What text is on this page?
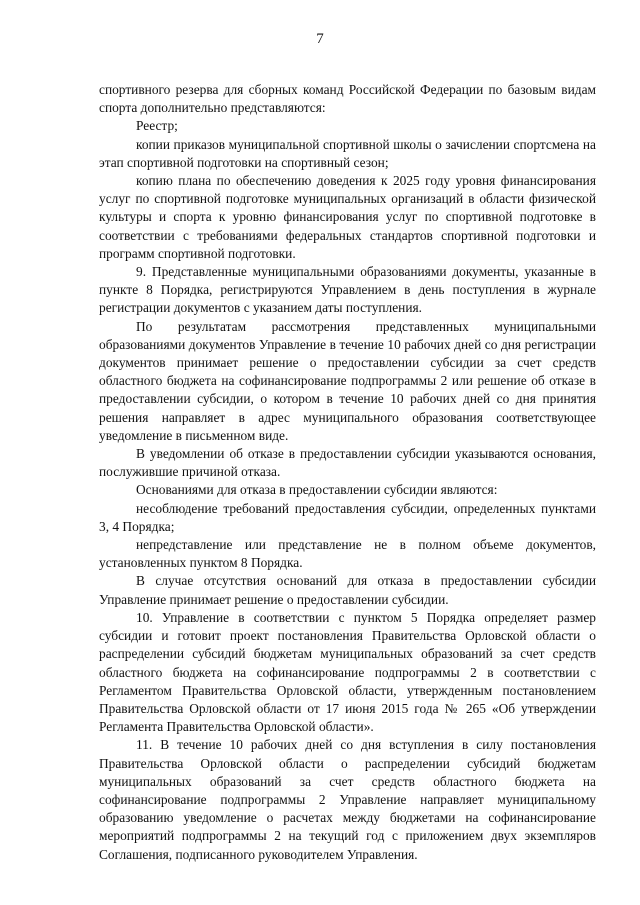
7

спортивного резерва для сборных команд Российской Федерации по базовым видам спорта дополнительно представляются:

Реестр;

копии приказов муниципальной спортивной школы о зачислении спортсмена на этап спортивной подготовки на спортивный сезон;

копию плана по обеспечению доведения к 2025 году уровня финансирования услуг по спортивной подготовке муниципальных организаций в области физической культуры и спорта к уровню финансирования услуг по спортивной подготовке в соответствии с требованиями федеральных стандартов спортивной подготовки и программ спортивной подготовки.

9. Представленные муниципальными образованиями документы, указанные в пункте 8 Порядка, регистрируются Управлением в день поступления в журнале регистрации документов с указанием даты поступления.

По результатам рассмотрения представленных муниципальными образованиями документов Управление в течение 10 рабочих дней со дня регистрации документов принимает решение о предоставлении субсидии за счет средств областного бюджета на софинансирование подпрограммы 2 или решение об отказе в предоставлении субсидии, о котором в течение 10 рабочих дней со дня принятия решения направляет в адрес муниципального образования соответствующее уведомление в письменном виде.

В уведомлении об отказе в предоставлении субсидии указываются основания, послужившие причиной отказа.

Основаниями для отказа в предоставлении субсидии являются:

несоблюдение требований предоставления субсидии, определенных пунктами 3, 4 Порядка;

непредставление или представление не в полном объеме документов, установленных пунктом 8 Порядка.

В случае отсутствия оснований для отказа в предоставлении субсидии Управление принимает решение о предоставлении субсидии.

10. Управление в соответствии с пунктом 5 Порядка определяет размер субсидии и готовит проект постановления Правительства Орловской области о распределении субсидий бюджетам муниципальных образований за счет средств областного бюджета на софинансирование подпрограммы 2 в соответствии с Регламентом Правительства Орловской области, утвержденным постановлением Правительства Орловской области от 17 июня 2015 года № 265 «Об утверждении Регламента Правительства Орловской области».

11. В течение 10 рабочих дней со дня вступления в силу постановления Правительства Орловской области о распределении субсидий бюджетам муниципальных образований за счет средств областного бюджета на софинансирование подпрограммы 2 Управление направляет муниципальному образованию уведомление о расчетах между бюджетами на софинансирование мероприятий подпрограммы 2 на текущий год с приложением двух экземпляров Соглашения, подписанного руководителем Управления.
